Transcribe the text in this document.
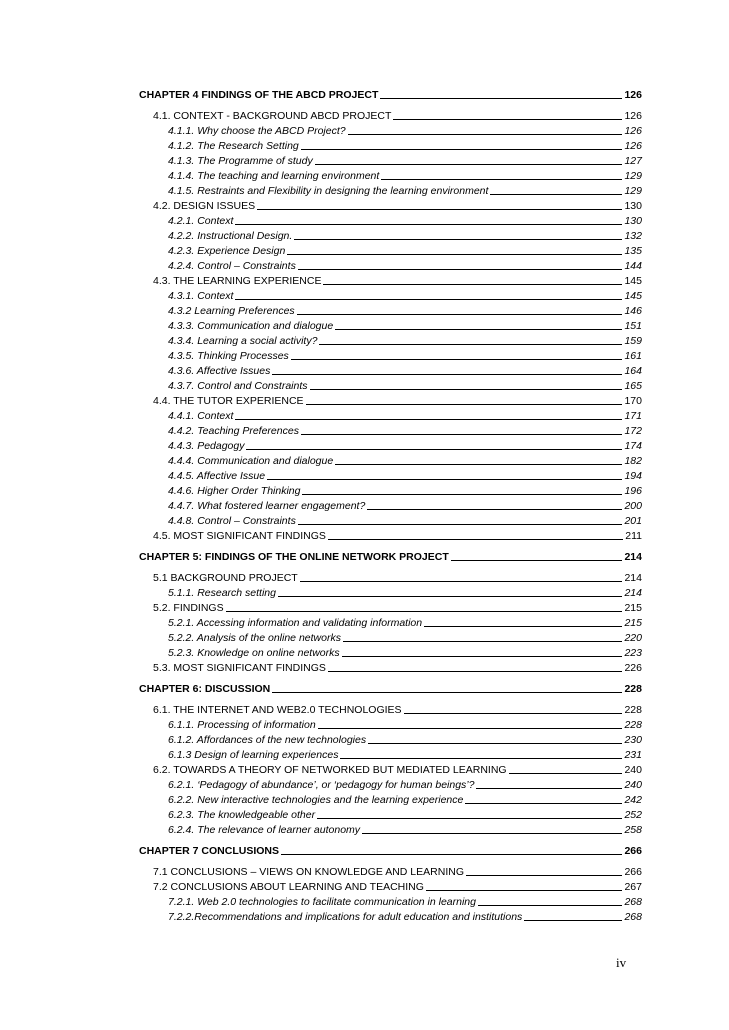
CHAPTER 4 FINDINGS OF THE ABCD PROJECT	126
4.1. CONTEXT - BACKGROUND ABCD PROJECT	126
4.1.1. Why choose the ABCD Project?	126
4.1.2. The Research Setting	126
4.1.3. The Programme of study	127
4.1.4. The teaching and learning environment	129
4.1.5. Restraints and Flexibility in designing the learning environment	129
4.2. DESIGN ISSUES	130
4.2.1. Context	130
4.2.2. Instructional Design.	132
4.2.3. Experience Design	135
4.2.4. Control – Constraints	144
4.3. THE LEARNING EXPERIENCE	145
4.3.1. Context	145
4.3.2 Learning Preferences	146
4.3.3. Communication and dialogue	151
4.3.4. Learning a social activity?	159
4.3.5. Thinking Processes	161
4.3.6. Affective Issues	164
4.3.7. Control and Constraints	165
4.4. THE TUTOR EXPERIENCE	170
4.4.1. Context	171
4.4.2. Teaching Preferences	172
4.4.3. Pedagogy	174
4.4.4. Communication and dialogue	182
4.4.5. Affective Issue	194
4.4.6. Higher Order Thinking	196
4.4.7. What fostered learner engagement?	200
4.4.8. Control – Constraints	201
4.5. MOST SIGNIFICANT FINDINGS	211
CHAPTER 5: FINDINGS OF THE ONLINE NETWORK PROJECT	214
5.1 BACKGROUND PROJECT	214
5.1.1. Research setting	214
5.2. FINDINGS	215
5.2.1. Accessing information and validating information	215
5.2.2. Analysis of the online networks	220
5.2.3. Knowledge on online networks	223
5.3. MOST SIGNIFICANT FINDINGS	226
CHAPTER 6: DISCUSSION	228
6.1. THE INTERNET AND WEB2.0 TECHNOLOGIES	228
6.1.1. Processing of information	228
6.1.2. Affordances of the new technologies	230
6.1.3 Design of learning experiences	231
6.2. TOWARDS A THEORY OF NETWORKED BUT MEDIATED LEARNING	240
6.2.1. ‘Pedagogy of abundance’, or ‘pedagogy for human beings’?	240
6.2.2. New interactive technologies and the learning experience	242
6.2.3. The knowledgeable other	252
6.2.4. The relevance of learner autonomy	258
CHAPTER 7 CONCLUSIONS	266
7.1 CONCLUSIONS – VIEWS ON KNOWLEDGE AND LEARNING	266
7.2 CONCLUSIONS ABOUT LEARNING AND TEACHING	267
7.2.1. Web 2.0 technologies to facilitate communication in learning	268
7.2.2.Recommendations and implications for adult education and institutions	268
iv
